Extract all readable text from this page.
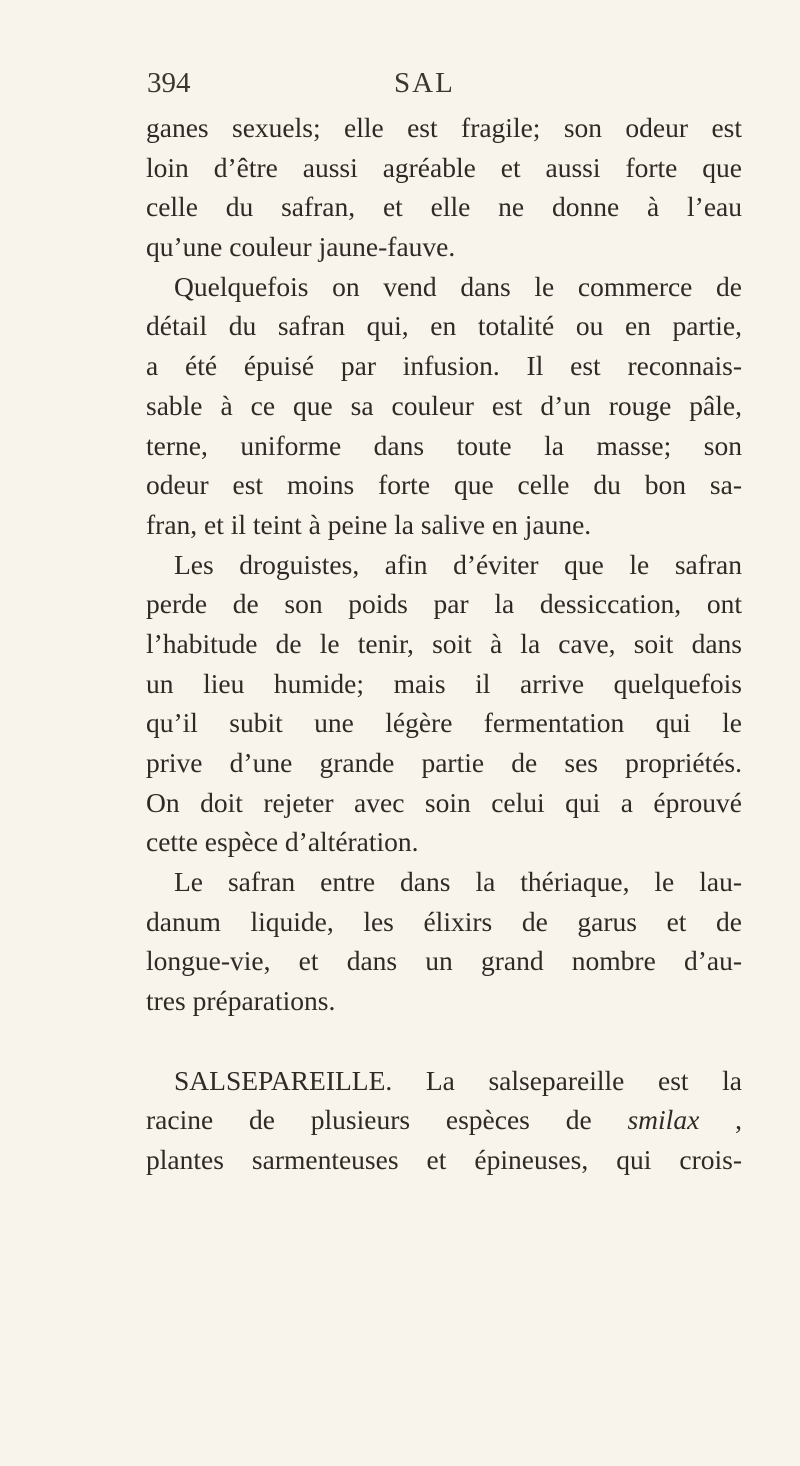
394	SAL
ganes sexuels; elle est fragile; son odeur est
loin d’être aussi agréable et aussi forte que
celle du safran, et elle ne donne à l’eau
qu’une couleur jaune-fauve.
Quelquefois on vend dans le commerce de
détail du safran qui, en totalité ou en partie,
a été épuisé par infusion. Il est reconnais-
sable à ce que sa couleur est d’un rouge pâle,
terne, uniforme dans toute la masse; son
odeur est moins forte que celle du bon sa-
fran, et il teint à peine la salive en jaune.
Les droguistes, afin d’éviter que le safran
perde de son poids par la dessiccation, ont
l’habitude de le tenir, soit à la cave, soit dans
un lieu humide; mais il arrive quelquefois
qu’il subit une légère fermentation qui le
prive d’une grande partie de ses propriétés.
On doit rejeter avec soin celui qui a éprouvé
cette espèce d’altération.
Le safran entre dans la thériaque, le lau-
danum liquide, les élixirs de garus et de
longue-vie, et dans un grand nombre d’au-
tres préparations.
SALSEPAREILLE. La salsepareille est la
racine de plusieurs espèces de smilax ,
plantes sarmenteuses et épineuses, qui crois-
